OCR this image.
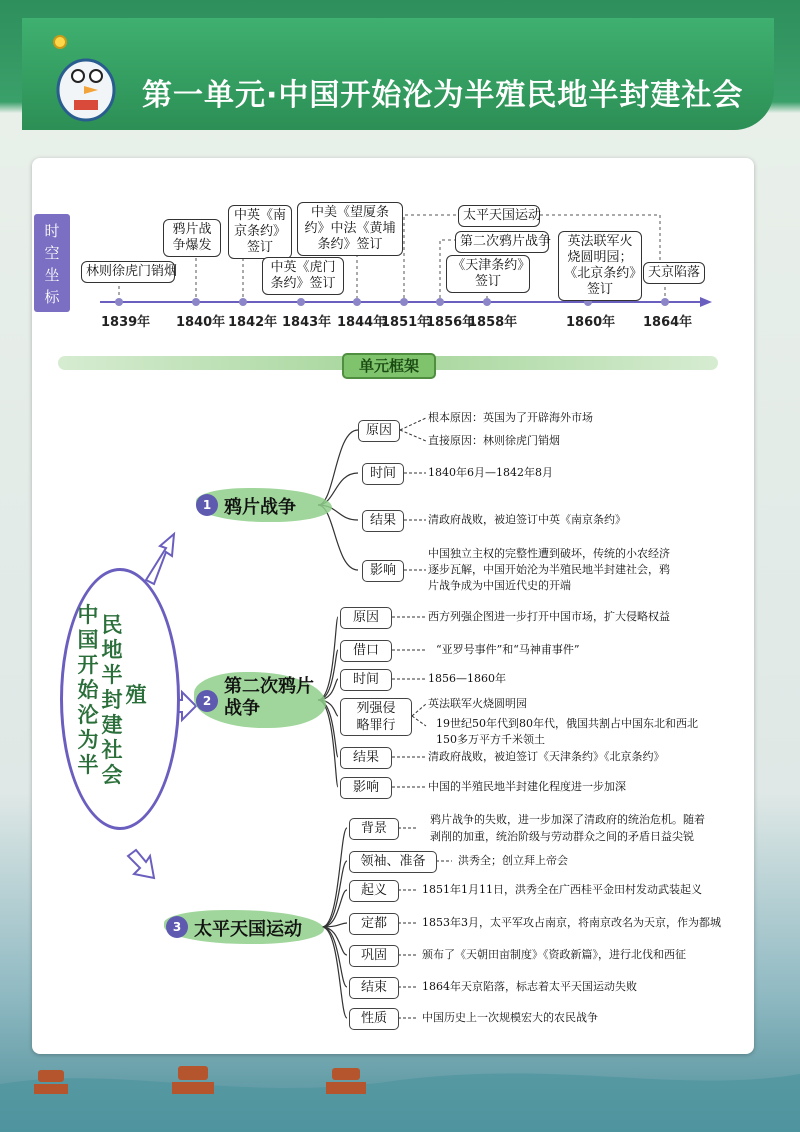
第一单元·中国开始沦为半殖民地半封建社会
时
空
坐
标
林则徐虎门销烟
鸦片战争爆发
中英《南京条约》签订
中英《虎门条约》签订
中美《望厦条约》中法《黄埔条约》签订
太平天国运动
第二次鸦片战争
《天津条约》签订
英法联军火烧圆明园；《北京条约》签订
天京陷落
1839年 1840年 1842年 1843年 1844年
1851年
1856年
1858年	1860年 1864年
单元框架
中国开始沦为半
民地半封建社会
殖
1 鸦片战争
2
第二次鸦片战争
3 太平天国运动
原因
根本原因：英国为了开辟海外市场
直接原因：林则徐虎门销烟
时间	1840年6月—1842年8月
结果	清政府战败，被迫签订中英《南京条约》
影响
中国独立主权的完整性遭到破坏，传统的小农经济
逐步瓦解，中国开始沦为半殖民地半封建社会，鸦
片战争成为中国近代史的开端
原因	西方列强企图进一步打开中国市场，扩大侵略权益
借口	“亚罗号事件”和“马神甫事件”
时间	1856—1860年
列强侵
略罪行
英法联军火烧圆明园
19世纪50年代到80年代，俄国共割占中国东北和西北
150多万平方千米领土
结果	清政府战败，被迫签订《天津条约》《北京条约》
影响	中国的半殖民地半封建化程度进一步加深
背景
鸦片战争的失败，进一步加深了清政府的统治危机。随着
剥削的加重，统治阶级与劳动群众之间的矛盾日益尖锐
领袖、准备	洪秀全；创立拜上帝会
起义	1851年1月11日，洪秀全在广西桂平金田村发动武装起义
定都	1853年3月，太平军攻占南京，将南京改名为天京，作为都城
巩固	颁布了《天朝田亩制度》《资政新篇》，进行北伐和西征
结束	1864年天京陷落，标志着太平天国运动失败
性质	中国历史上一次规模宏大的农民战争
